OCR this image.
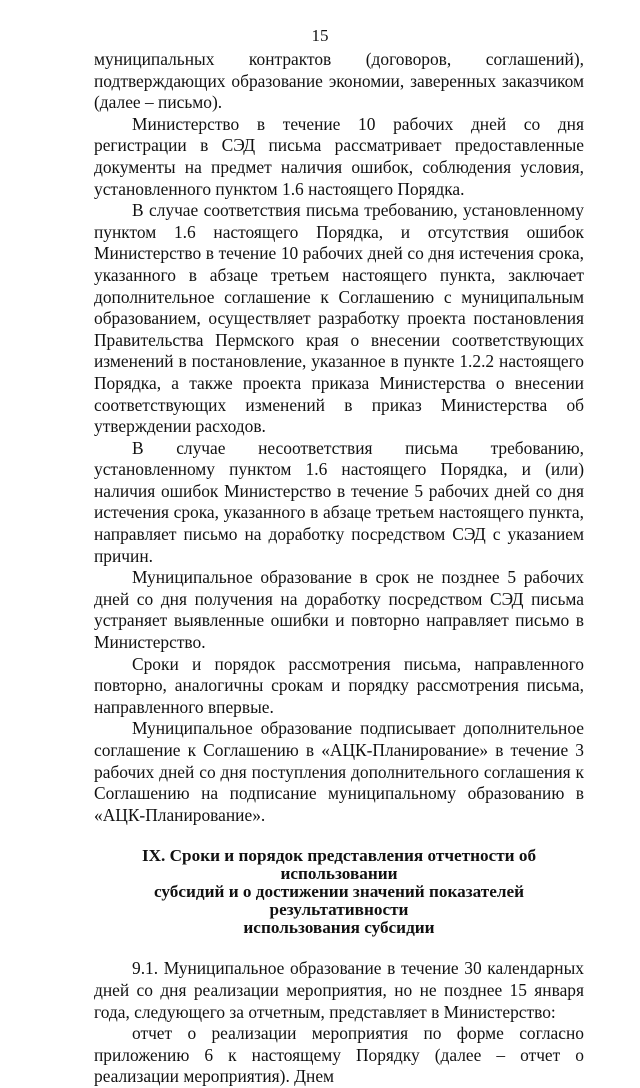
15

муниципальных контрактов (договоров, соглашений), подтверждающих образование экономии, заверенных заказчиком (далее – письмо).

Министерство в течение 10 рабочих дней со дня регистрации в СЭД письма рассматривает предоставленные документы на предмет наличия ошибок, соблюдения условия, установленного пунктом 1.6 настоящего Порядка.

В случае соответствия письма требованию, установленному пунктом 1.6 настоящего Порядка, и отсутствия ошибок Министерство в течение 10 рабочих дней со дня истечения срока, указанного в абзаце третьем настоящего пункта, заключает дополнительное соглашение к Соглашению с муниципальным образованием, осуществляет разработку проекта постановления Правительства Пермского края о внесении соответствующих изменений в постановление, указанное в пункте 1.2.2 настоящего Порядка, а также проекта приказа Министерства о внесении соответствующих изменений в приказ Министерства об утверждении расходов.

В случае несоответствия письма требованию, установленному пунктом 1.6 настоящего Порядка, и (или) наличия ошибок Министерство в течение 5 рабочих дней со дня истечения срока, указанного в абзаце третьем настоящего пункта, направляет письмо на доработку посредством СЭД с указанием причин.

Муниципальное образование в срок не позднее 5 рабочих дней со дня получения на доработку посредством СЭД письма устраняет выявленные ошибки и повторно направляет письмо в Министерство.

Сроки и порядок рассмотрения письма, направленного повторно, аналогичны срокам и порядку рассмотрения письма, направленного впервые.

Муниципальное образование подписывает дополнительное соглашение к Соглашению в «АЦК-Планирование» в течение 3 рабочих дней со дня поступления дополнительного соглашения к Соглашению на подписание муниципальному образованию в «АЦК-Планирование».

IX. Сроки и порядок представления отчетности об использовании
субсидий и о достижении значений показателей результативности
использования субсидии

9.1. Муниципальное образование в течение 30 календарных дней со дня реализации мероприятия, но не позднее 15 января года, следующего за отчетным, представляет в Министерство:

отчет о реализации мероприятия по форме согласно приложению 6 к настоящему Порядку (далее – отчет о реализации мероприятия). Днем
